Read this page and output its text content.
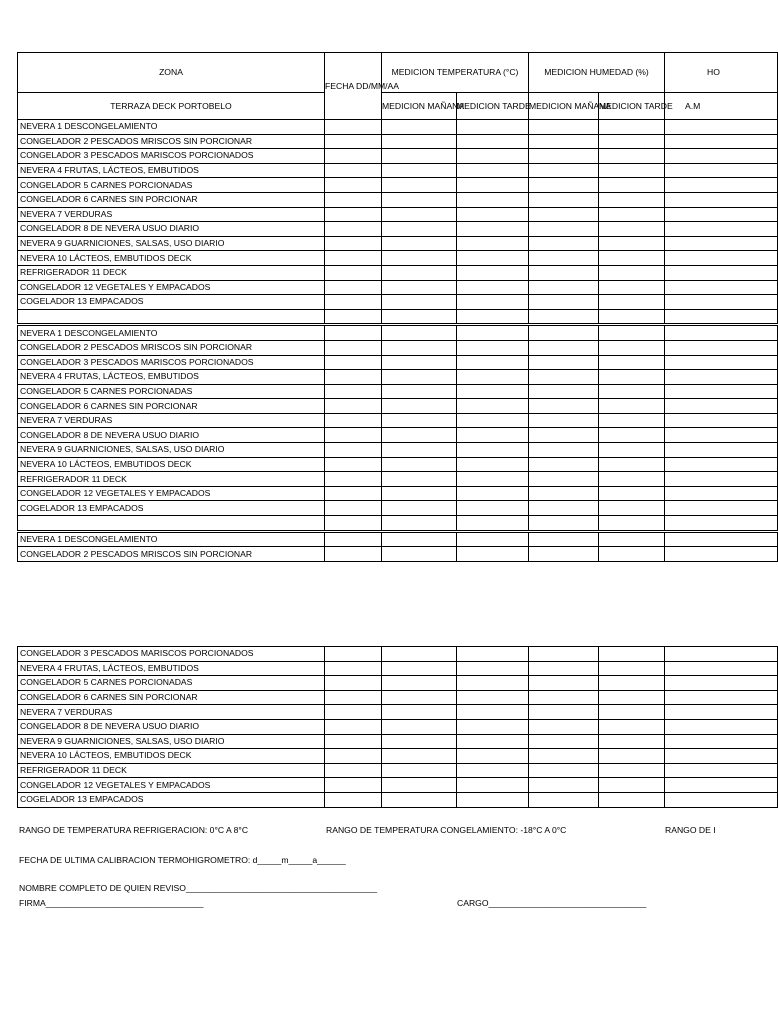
ZONA	FECHA DD/MM/AA	MEDICION TEMPERATURA (°C)		MEDICION HUMEDAD (%)		HO
TERRAZA DECK PORTOBELO		MEDICION MAÑANA	MEDICION TARDE	MEDICION MAÑANA	MEDICION TARDE	A.M
NEVERA 1 DESCONGELAMIENTO						
CONGELADOR 2 PESCADOS MRISCOS SIN PORCIONAR						
CONGELADOR 3 PESCADOS MARISCOS PORCIONADOS						
NEVERA 4 FRUTAS, LÁCTEOS, EMBUTIDOS						
CONGELADOR 5 CARNES PORCIONADAS						
CONGELADOR 6 CARNES SIN PORCIONAR						
NEVERA 7 VERDURAS						
CONGELADOR 8 DE NEVERA USUO DIARIO						
NEVERA 9 GUARNICIONES, SALSAS, USO DIARIO						
NEVERA 10 LÁCTEOS, EMBUTIDOS DECK						
REFRIGERADOR 11 DECK						
CONGELADOR 12 VEGETALES Y EMPACADOS						
COGELADOR 13 EMPACADOS						

NEVERA 1 DESCONGELAMIENTO						
CONGELADOR 2 PESCADOS MRISCOS SIN PORCIONAR						
CONGELADOR 3 PESCADOS MARISCOS PORCIONADOS						
NEVERA 4 FRUTAS, LÁCTEOS, EMBUTIDOS						
CONGELADOR 5 CARNES PORCIONADAS						
CONGELADOR 6 CARNES SIN PORCIONAR						
NEVERA 7 VERDURAS						
CONGELADOR 8 DE NEVERA USUO DIARIO						
NEVERA 9 GUARNICIONES, SALSAS, USO DIARIO						
NEVERA 10 LÁCTEOS, EMBUTIDOS DECK						
REFRIGERADOR 11 DECK						
CONGELADOR 12 VEGETALES Y EMPACADOS						
COGELADOR 13 EMPACADOS						

NEVERA 1 DESCONGELAMIENTO						
CONGELADOR 2 PESCADOS MRISCOS SIN PORCIONAR						
CONGELADOR 3 PESCADOS MARISCOS PORCIONADOS						
NEVERA 4 FRUTAS, LÁCTEOS, EMBUTIDOS						
CONGELADOR 5 CARNES PORCIONADAS						
CONGELADOR 6 CARNES SIN PORCIONAR						
NEVERA 7 VERDURAS						
CONGELADOR 8 DE NEVERA USUO DIARIO						
NEVERA 9 GUARNICIONES, SALSAS, USO DIARIO						
NEVERA 10 LÁCTEOS, EMBUTIDOS DECK						
REFRIGERADOR 11 DECK						
CONGELADOR 12 VEGETALES Y EMPACADOS						
COGELADOR 13 EMPACADOS						
RANGO DE TEMPERATURA REFRIGERACION: 0°C A 8°C	RANGO DE TEMPERATURA CONGELAMIENTO: -18°C A 0°C	RANGO DE I
FECHA DE ULTIMA CALIBRACION TERMOHIGROMETRO: d_____m_____a______
NOMBRE COMPLETO DE QUIEN REVISO________________________________________
FIRMA_________________________________	CARGO_________________________________
